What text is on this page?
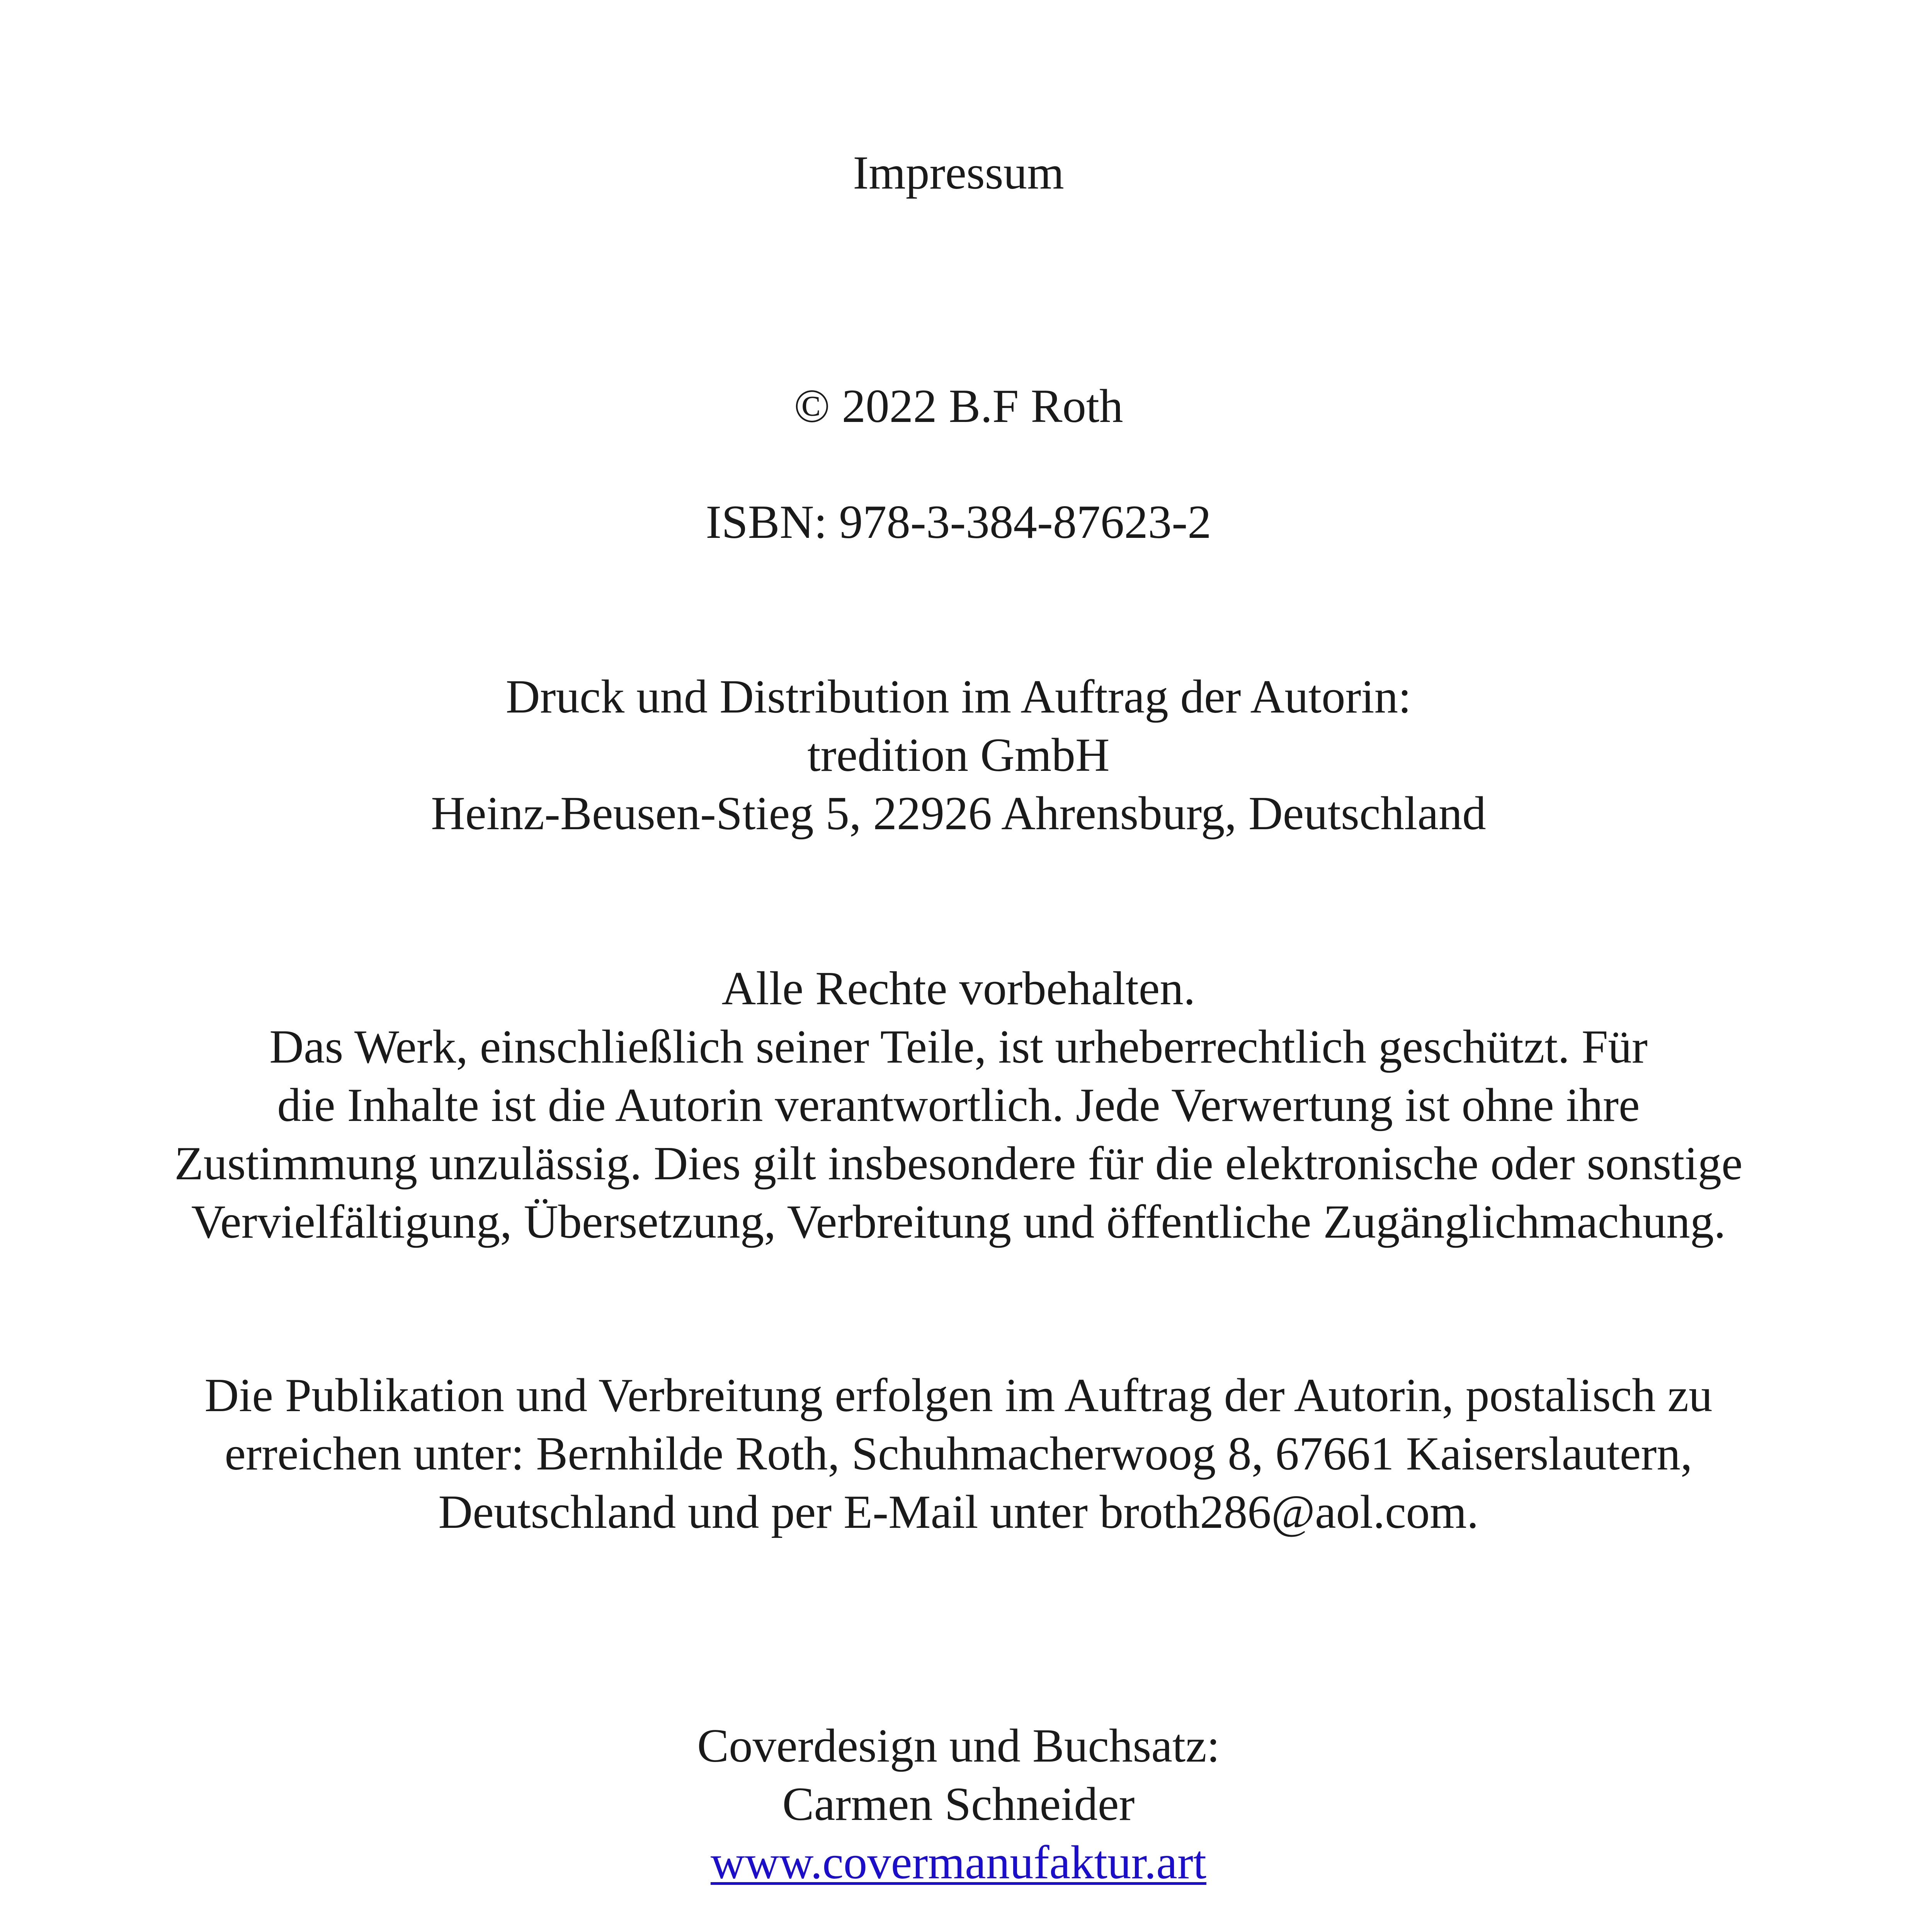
Impressum
© 2022 B.F Roth
ISBN: 978-3-384-87623-2
Druck und Distribution im Auftrag der Autorin:
tredition GmbH
Heinz-Beusen-Stieg 5, 22926 Ahrensburg, Deutschland
Alle Rechte vorbehalten.
Das Werk, einschließlich seiner Teile, ist urheberrechtlich geschützt. Für
die Inhalte ist die Autorin verantwortlich. Jede Verwertung ist ohne ihre
Zustimmung unzulässig. Dies gilt insbesondere für die elektronische oder sonstige
Vervielfältigung, Übersetzung, Verbreitung und öffentliche Zugänglichmachung.
Die Publikation und Verbreitung erfolgen im Auftrag der Autorin, postalisch zu
erreichen unter: Bernhilde Roth, Schuhmacherwoog 8, 67661 Kaiserslautern,
Deutschland und per E-Mail unter broth286@aol.com.
Coverdesign und Buchsatz:
Carmen Schneider
www.covermanufaktur.art
